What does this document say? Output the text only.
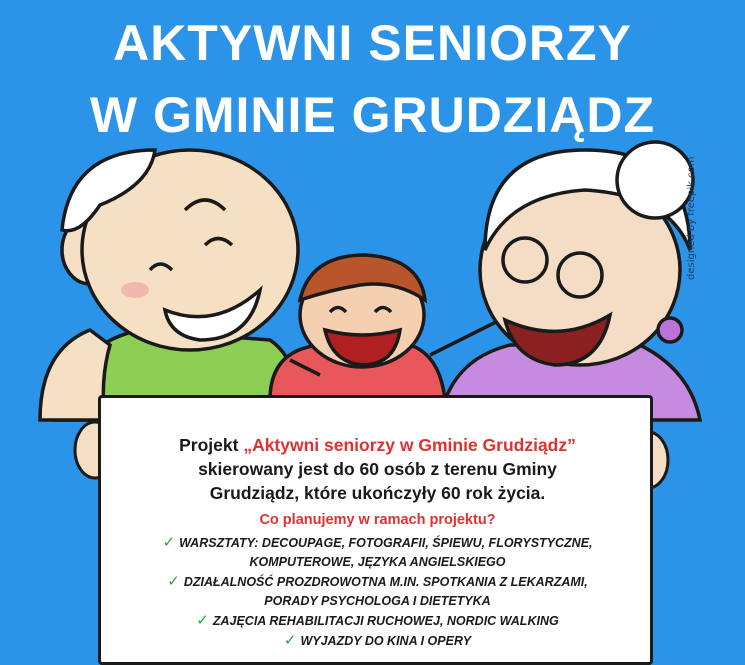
AKTYWNI SENIORZY
W GMINIE GRUDZIĄDZ
Projekt „Aktywni seniorzy w Gminie Grudziądz”
skierowany jest do 60 osób z terenu Gminy
Grudziądz, które ukończyły 60 rok życia.
Co planujemy w ramach projektu?
✓ WARSZTATY: DECOUPAGE, FOTOGRAFII, ŚPIEWU, FLORYSTYCZNE,
KOMPUTEROWE, JĘZYKA ANGIELSKIEGO
✓ DZIAŁALNOŚĆ PROZDROWOTNA M.IN. SPOTKANIA Z LEKARZAMI,
PORADY PSYCHOLOGA I DIETETYKA
✓ ZAJĘCIA REHABILITACJI RUCHOWEJ, NORDIC WALKING
✓ WYJAZDY DO KINA I OPERY
designed by freepik.com
